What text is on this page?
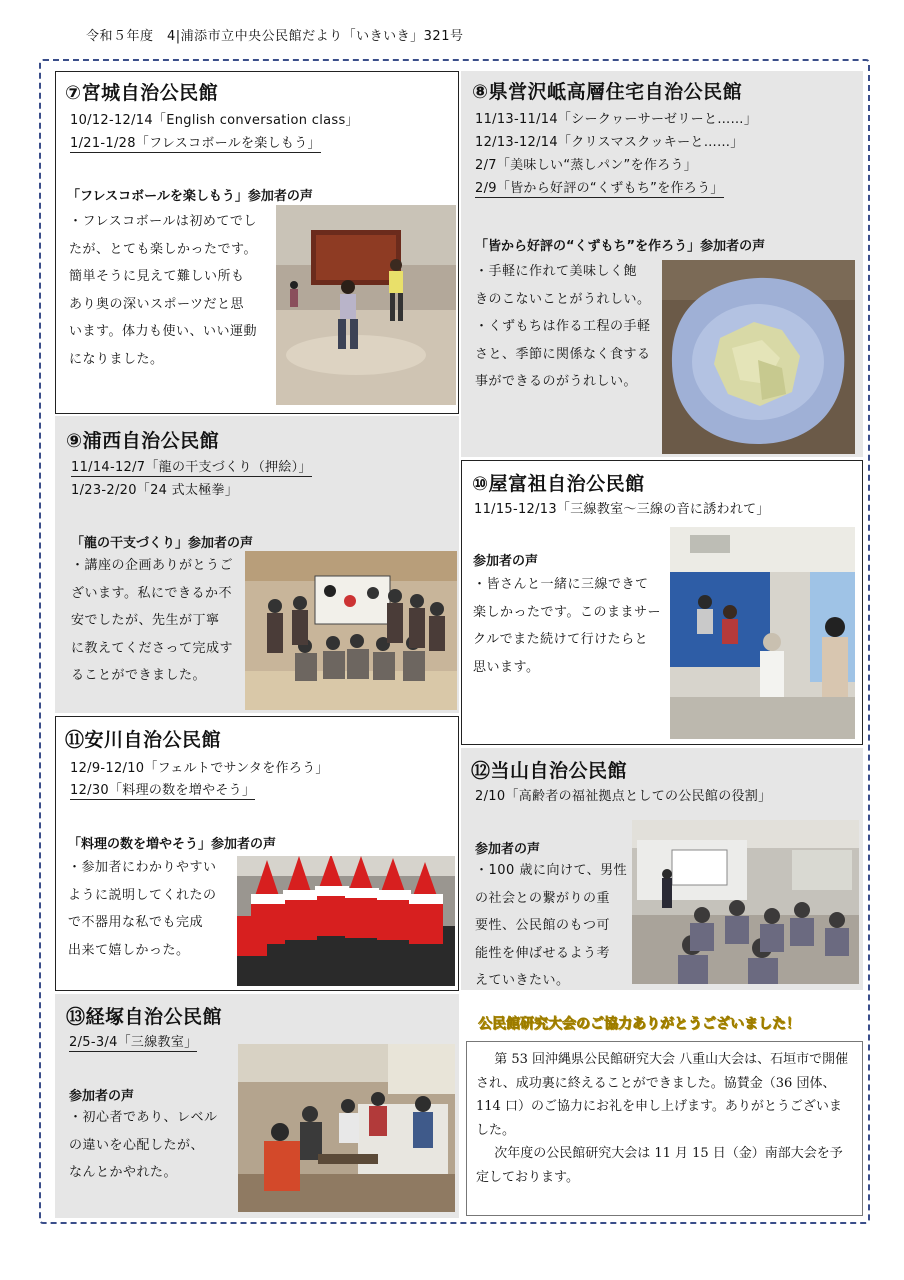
令和５年度　4|浦添市立中央公民館だより「いきいき」321号
⑦宮城自治公民館
10/12-12/14「English conversation class」
1/21-1/28「フレスコボールを楽しもう」
「フレスコボールを楽しもう」参加者の声
・フレスコボールは初めてでし
たが、とても楽しかったです。
簡単そうに見えて難しい所も
あり奥の深いスポーツだと思
います。体力も使い、いい運動
になりました。
⑧県営沢岻高層住宅自治公民館
11/13-11/14「シークヮーサーゼリーと……」
12/13-12/14「クリスマスクッキーと……」
2/7「美味しい“蒸しパン”を作ろう」
2/9「皆から好評の“くずもち”を作ろう」
「皆から好評の“くずもち”を作ろう」参加者の声
・手軽に作れて美味しく飽
きのこないことがうれしい。
・くずもちは作る工程の手軽
さと、季節に関係なく食する
事ができるのがうれしい。
⑨浦西自治公民館
11/14-12/7「龍の干支づくり（押絵）」
1/23-2/20「24 式太極拳」
「龍の干支づくり」参加者の声
・講座の企画ありがとうご
ざいます。私にできるか不
安でしたが、先生が丁寧
に教えてくださって完成す
ることができました。
⑩屋富祖自治公民館
11/15-12/13「三線教室～三線の音に誘われて」
参加者の声
・皆さんと一緒に三線できて
楽しかったです。このままサー
クルでまた続けて行けたらと
思います。
⑪安川自治公民館
12/9-12/10「フェルトでサンタを作ろう」
12/30「料理の数を増やそう」
「料理の数を増やそう」参加者の声
・参加者にわかりやすい
ように説明してくれたの
で不器用な私でも完成
出来て嬉しかった。
⑫当山自治公民館
2/10「高齢者の福祉拠点としての公民館の役割」
参加者の声
・100 歳に向けて、男性
の社会との繋がりの重
要性、公民館のもつ可
能性を伸ばせるよう考
えていきたい。
⑬経塚自治公民館
2/5-3/4「三線教室」
参加者の声
・初心者であり、レベル
の違いを心配したが、
なんとかやれた。
公民館研究大会のご協力ありがとうございました！

第 53 回沖縄県公民館研究大会 八重山大会は、石垣市で開催され、成功裏に終えることができました。協賛金（36 団体、114 口）のご協力にお礼を申し上げます。ありがとうございました。

次年度の公民館研究大会は 11 月 15 日（金）南部大会を予定しております。
